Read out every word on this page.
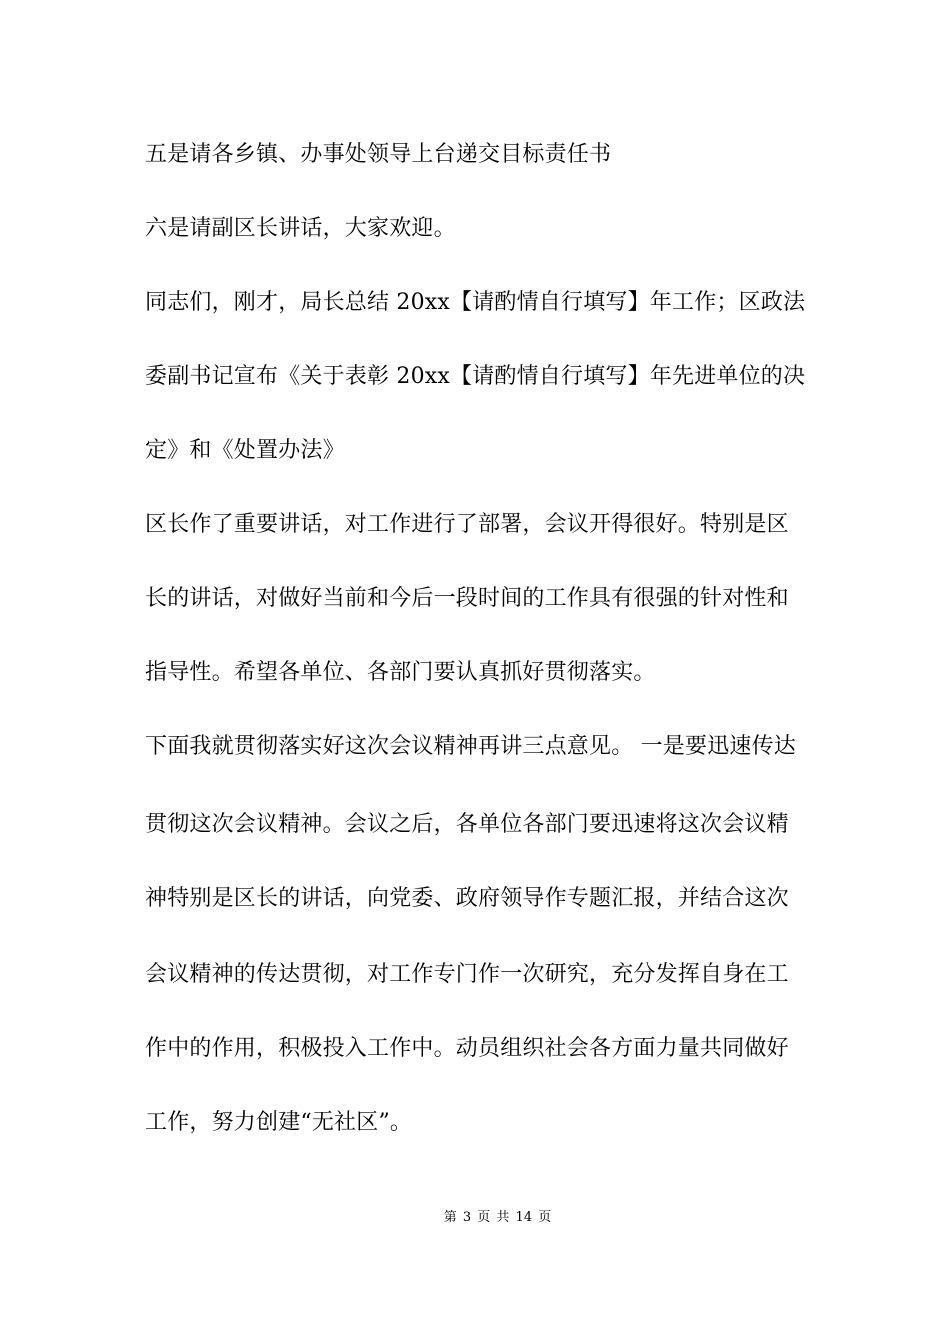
五是请各乡镇、办事处领导上台递交目标责任书
六是请副区长讲话，大家欢迎。
同志们，刚才，局长总结 20xx【请酌情自行填写】年工作；区政法
委副书记宣布《关于表彰 20xx【请酌情自行填写】年先进单位的决
定》和《处置办法》
区长作了重要讲话，对工作进行了部署，会议开得很好。特别是区
长的讲话，对做好当前和今后一段时间的工作具有很强的针对性和
指导性。希望各单位、各部门要认真抓好贯彻落实。
下面我就贯彻落实好这次会议精神再讲三点意见。 一是要迅速传达
贯彻这次会议精神。会议之后，各单位各部门要迅速将这次会议精
神特别是区长的讲话，向党委、政府领导作专题汇报，并结合这次
会议精神的传达贯彻，对工作专门作一次研究，充分发挥自身在工
作中的作用，积极投入工作中。动员组织社会各方面力量共同做好
工作，努力创建“无社区”。
第 3 页 共 14 页
